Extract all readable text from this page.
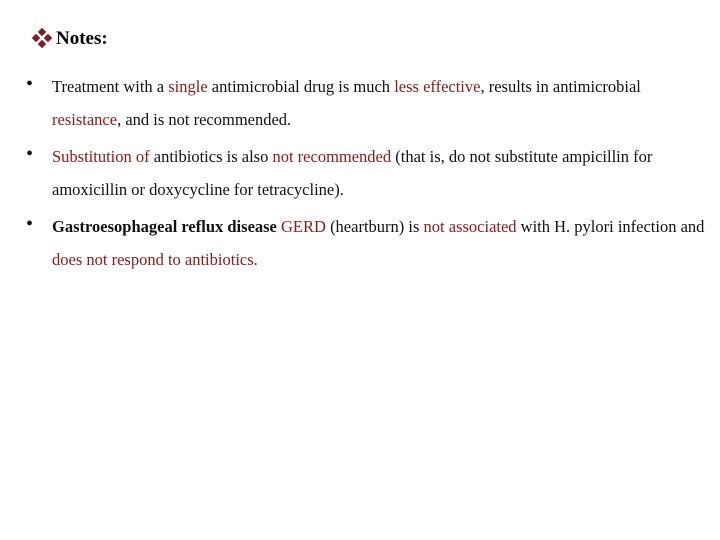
Notes:
• Treatment with a single antimicrobial drug is much less effective, results in antimicrobial resistance, and is not recommended.
• Substitution of antibiotics is also not recommended (that is, do not substitute ampicillin for amoxicillin or doxycycline for tetracycline).
• Gastroesophageal reflux disease GERD (heartburn) is not associated with H. pylori infection and does not respond to antibiotics.
